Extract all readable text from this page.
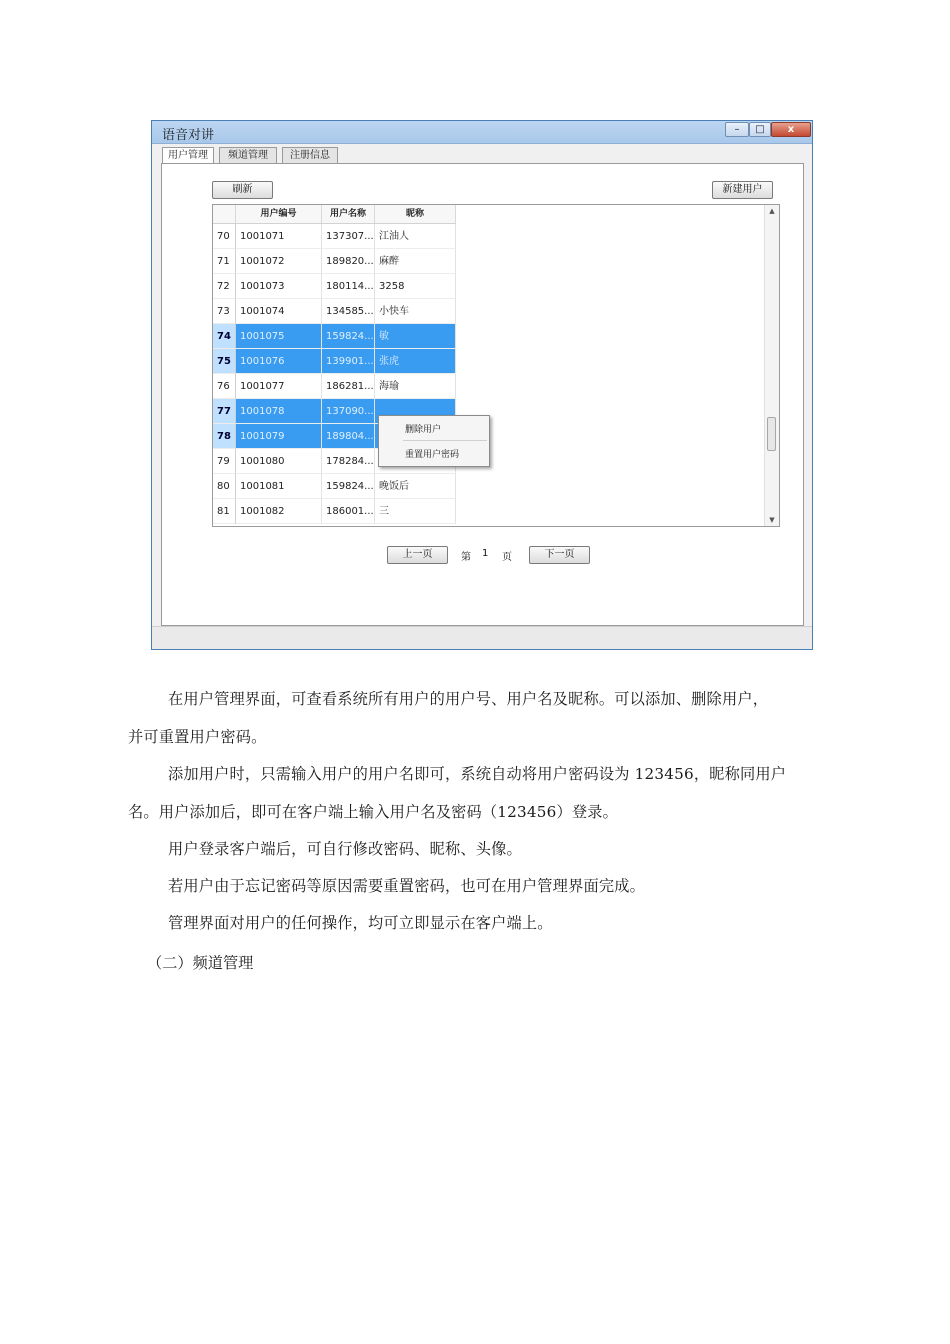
语音对讲	–	□	x
用户管理	频道管理	注册信息
刷新	新建用户
用户编号	用户名称	昵称
70	1001071	137307... 江油人
71	1001072	189820... 麻醉
72	1001073	180114... 3258
73	1001074	134585... 小快车
74 1001075	159824... 敏
75 1001076	139901... 张虎
76	1001077	186281... 海瑜
77 1001078	137090...
78 1001079	189804...
79	1001080	178284...
80	1001081	159824... 晚饭后
81	1001082	186001... 三
▲
▼
删除用户
重置用户密码
上一页	第 1 页	下一页
在用户管理界面，可查看系统所有用户的用户号、用户名及昵称。可以添加、删除用户，
并可重置用户密码。
添加用户时，只需输入用户的用户名即可，系统自动将用户密码设为 123456，昵称同用户
名。用户添加后，即可在客户端上输入用户名及密码（123456）登录。
用户登录客户端后，可自行修改密码、昵称、头像。
若用户由于忘记密码等原因需要重置密码，也可在用户管理界面完成。
管理界面对用户的任何操作，均可立即显示在客户端上。
（二）频道管理
